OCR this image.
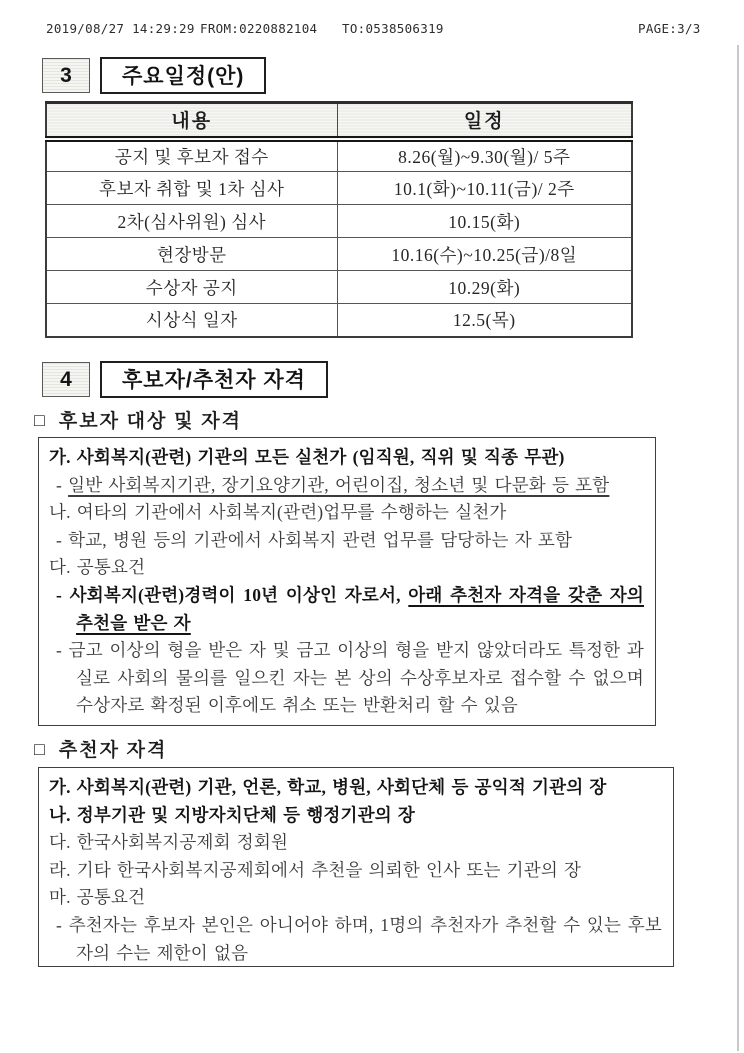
2019/08/27 14:29:29 FROM:0220882104 TO:0538506319	PAGE:3/3
3	주요일정(안)
내용	일정
공지 및 후보자 접수	8.26(월)~9.30(월)/ 5주
후보자 취합 및 1차 심사	10.1(화)~10.11(금)/ 2주
2차(심사위원) 심사	10.15(화)
현장방문	10.16(수)~10.25(금)/8일
수상자 공지	10.29(화)
시상식 일자	12.5(목)
4	후보자/추천자 자격
□ 후보자 대상 및 자격

가. 사회복지(관련) 기관의 모든 실천가 (임직원, 직위 및 직종 무관)

- 일반 사회복지기관, 장기요양기관, 어린이집, 청소년 및 다문화 등 포함

나. 여타의 기관에서 사회복지(관련)업무를 수행하는 실천가

- 학교, 병원 등의 기관에서 사회복지 관련 업무를 담당하는 자 포함

다. 공통요건

- 사회복지(관련)경력이 10년 이상인 자로서, 아래 추천자 자격을 갖춘 자의 추천을 받은 자

- 금고 이상의 형을 받은 자 및 금고 이상의 형을 받지 않았더라도 특정한 과실로 사회의 물의를 일으킨 자는 본 상의 수상후보자로 접수할 수 없으며 수상자로 확정된 이후에도 취소 또는 반환처리 할 수 있음

□ 추천자 자격

가. 사회복지(관련) 기관, 언론, 학교, 병원, 사회단체 등 공익적 기관의 장

나. 정부기관 및 지방자치단체 등 행정기관의 장

다. 한국사회복지공제회 정회원

라. 기타 한국사회복지공제회에서 추천을 의뢰한 인사 또는 기관의 장

마. 공통요건

- 추천자는 후보자 본인은 아니어야 하며, 1명의 추천자가 추천할 수 있는 후보자의 수는 제한이 없음
